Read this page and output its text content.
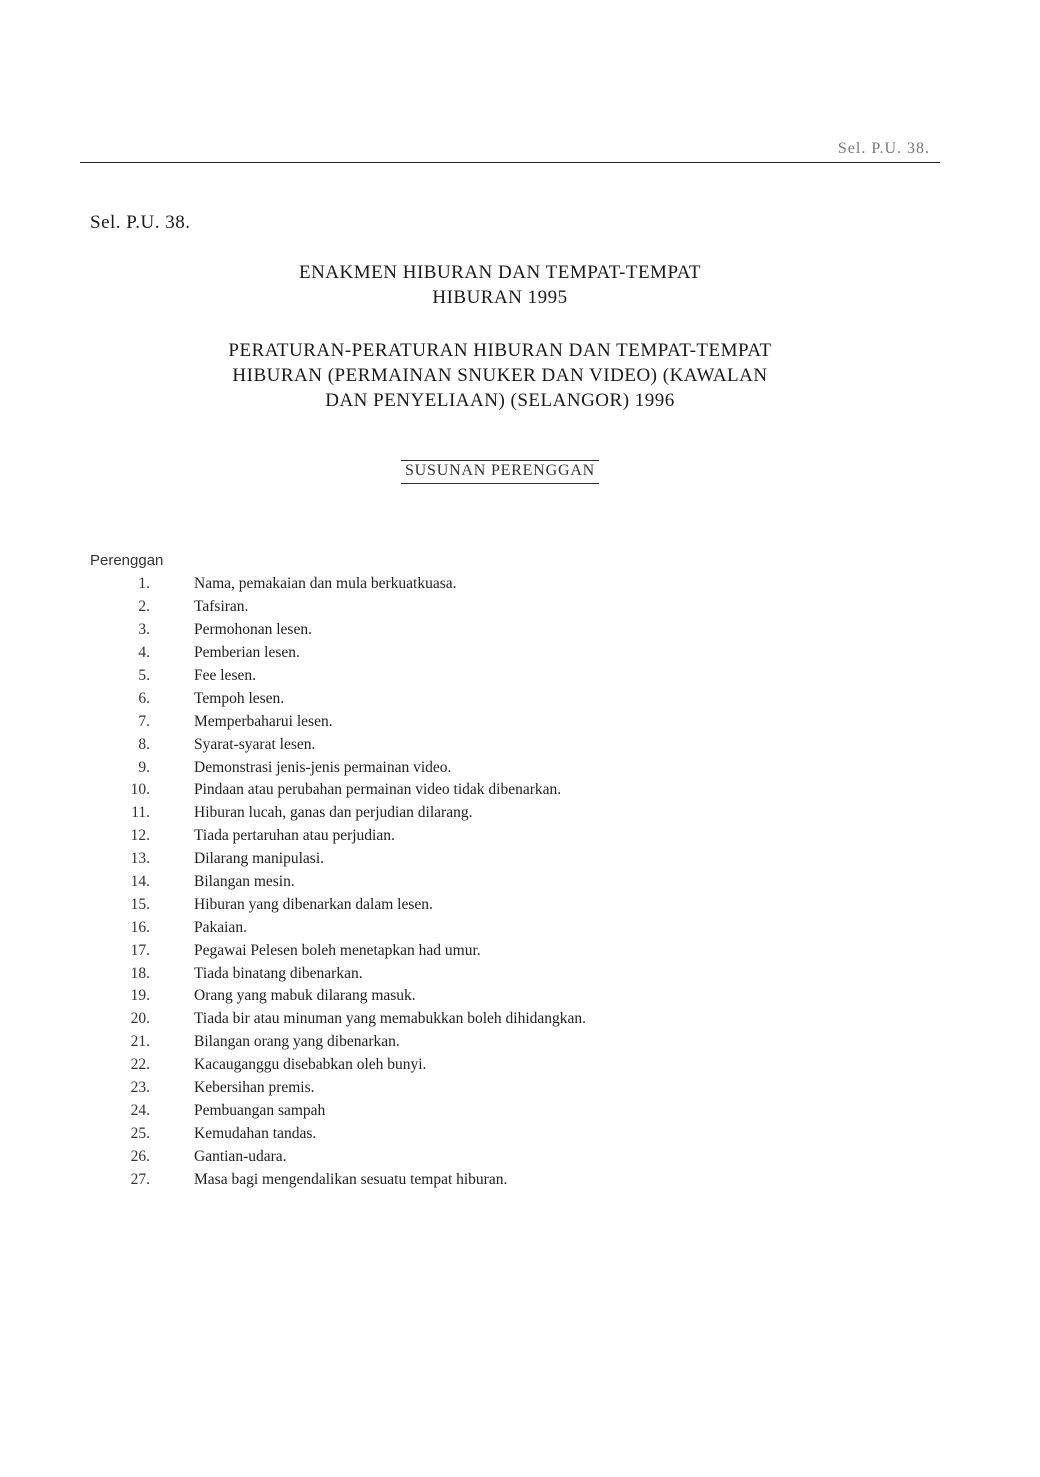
Sel. P.U. 38.
Sel. P.U. 38.
ENAKMEN HIBURAN DAN TEMPAT-TEMPAT
HIBURAN 1995
PERATURAN-PERATURAN HIBURAN DAN TEMPAT-TEMPAT
HIBURAN (PERMAINAN SNUKER DAN VIDEO) (KAWALAN
DAN PENYELIAAN) (SELANGOR) 1996
SUSUNAN PERENGGAN
Perenggan
1.	Nama, pemakaian dan mula berkuatkuasa.
2.	Tafsiran.
3.	Permohonan lesen.
4.	Pemberian lesen.
5.	Fee lesen.
6.	Tempoh lesen.
7.	Memperbaharui lesen.
8.	Syarat-syarat lesen.
9.	Demonstrasi jenis-jenis permainan video.
10.	Pindaan atau perubahan permainan video tidak dibenarkan.
11.	Hiburan lucah, ganas dan perjudian dilarang.
12.	Tiada pertaruhan atau perjudian.
13.	Dilarang manipulasi.
14.	Bilangan mesin.
15.	Hiburan yang dibenarkan dalam lesen.
16.	Pakaian.
17.	Pegawai Pelesen boleh menetapkan had umur.
18.	Tiada binatang dibenarkan.
19.	Orang yang mabuk dilarang masuk.
20.	Tiada bir atau minuman yang memabukkan boleh dihidangkan.
21.	Bilangan orang yang dibenarkan.
22.	Kacauganggu disebabkan oleh bunyi.
23.	Kebersihan premis.
24.	Pembuangan sampah
25.	Kemudahan tandas.
26.	Gantian-udara.
27.	Masa bagi mengendalikan sesuatu tempat hiburan.
